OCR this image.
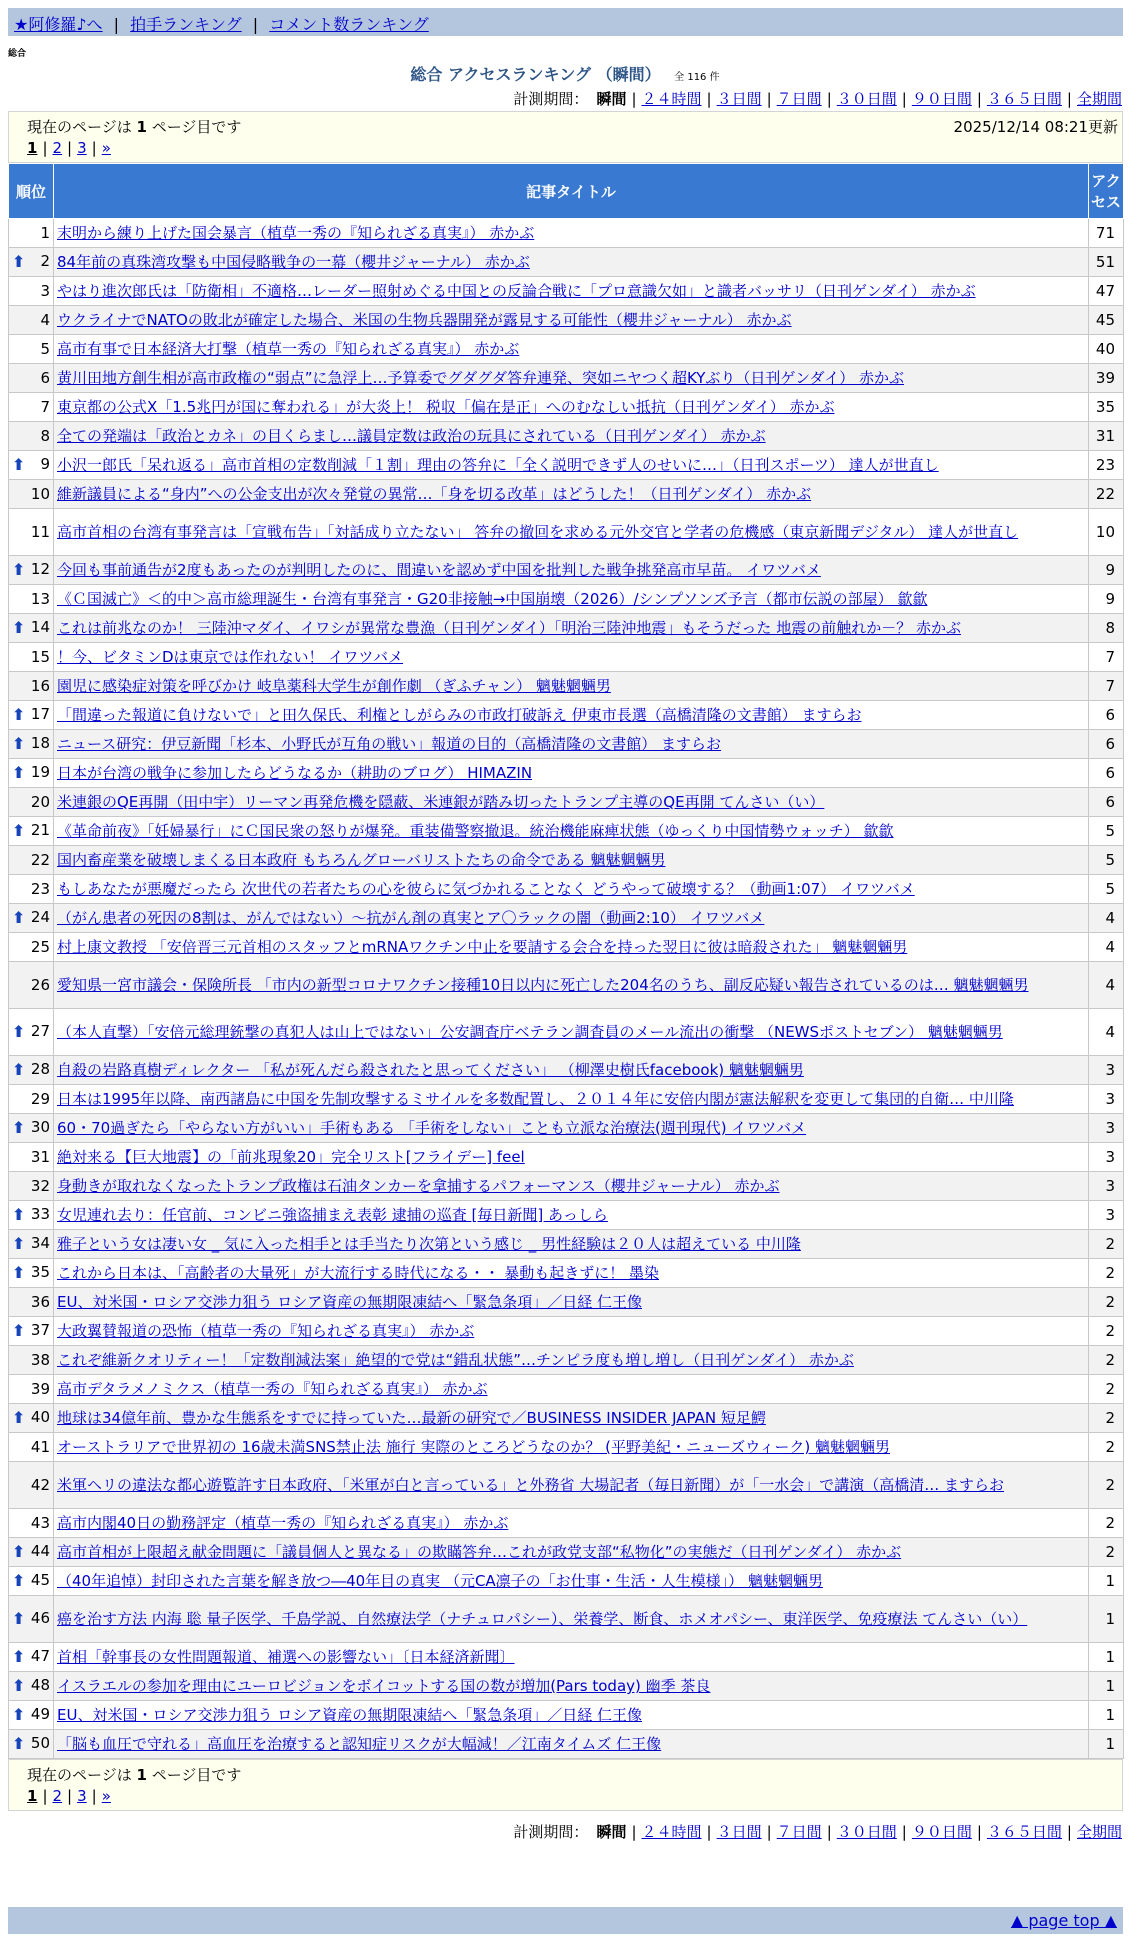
★阿修羅♪へ | 拍手ランキング | コメント数ランキング
総合
総合 アクセスランキング （瞬間） 全 116 件
計測期間： 瞬間 | ２４時間 | ３日間 | ７日間 | ３０日間 | ９０日間 | ３６５日間 | 全期間
現在のページは 1 ページ目です	2025/12/14 08:21更新
1 | 2 | 3 | »
順位	記事タイトル	アクセス
1	末明から練り上げた国会暴言（植草一秀の『知られざる真実』） 赤かぶ	71

⬆ 2	84年前の真珠湾攻撃も中国侵略戦争の一幕（櫻井ジャーナル） 赤かぶ	51
3	やはり進次郎氏は「防衛相」不適格…レーダー照射めぐる中国との反論合戦に「プロ意識欠如」と識者バッサリ（日刊ゲンダイ） 赤かぶ	47
4	ウクライナでNATOの敗北が確定した場合、米国の生物兵器開発が露見する可能性（櫻井ジャーナル） 赤かぶ	45
5	高市有事で日本経済大打撃（植草一秀の『知られざる真実』） 赤かぶ	40
6	黄川田地方創生相が高市政権の“弱点”に急浮上…予算委でグダグダ答弁連発、突如ニヤつく超KYぶり（日刊ゲンダイ） 赤かぶ	39
7	東京都の公式X「1.5兆円が国に奪われる」が大炎上！ 税収「偏在是正」へのむなしい抵抗（日刊ゲンダイ） 赤かぶ	35
8	全ての発端は「政治とカネ」の目くらまし…議員定数は政治の玩具にされている（日刊ゲンダイ） 赤かぶ	31

⬆ 9	小沢一郎氏「呆れ返る」高市首相の定数削減「１割」理由の答弁に「全く説明できず人のせいに…」（日刊スポーツ） 達人が世直し	23
10	維新議員による“身内”への公金支出が次々発覚の異常…「身を切る改革」はどうした！（日刊ゲンダイ） 赤かぶ	22
11	高市首相の台湾有事発言は「宣戦布告」「対話成り立たない」 答弁の撤回を求める元外交官と学者の危機感（東京新聞デジタル） 達人が世直し	10

⬆ 12	今回も事前通告が2度もあったのが判明したのに、間違いを認めず中国を批判した戦争挑発高市早苗。 イワツバメ	9
13	《Ｃ国滅亡》＜的中＞高市総理誕生・台湾有事発言・G20非接触→中国崩壊（2026）/シンプソンズ予言（都市伝説の部屋） 歙歙	9

⬆ 14	これは前兆なのか！ 三陸沖マダイ、イワシが異常な豊漁（日刊ゲンダイ）「明治三陸沖地震」もそうだった 地震の前触れか－？ 赤かぶ	8
15	！今、ビタミンDは東京では作れない！ イワツバメ	7
16	園児に感染症対策を呼びかけ 岐阜薬科大学生が創作劇 （ぎふチャン） 魑魅魍魎男	7

⬆ 17	「間違った報道に負けないで」と田久保氏、利権としがらみの市政打破訴え 伊東市長選（高橋清隆の文書館） ますらお	6

⬆ 18	ニュース研究：伊豆新聞「杉本、小野氏が互角の戦い」報道の目的（高橋清隆の文書館） ますらお	6

⬆ 19	日本が台湾の戦争に参加したらどうなるか（耕助のブログ） HIMAZIN	6
20	米連銀のQE再開（田中宇）リーマン再発危機を隠蔽、米連銀が踏み切ったトランプ主導のQE再開 てんさい（い）	6

⬆ 21	《革命前夜》「妊婦暴行」にＣ国民衆の怒りが爆発。重装備警察撤退。統治機能麻痺状態（ゆっくり中国情勢ウォッチ） 歙歙	5
22	国内畜産業を破壊しまくる日本政府 もちろんグローバリストたちの命令である 魑魅魍魎男	5
23	もしあなたが悪魔だったら 次世代の若者たちの心を彼らに気づかれることなく どうやって破壊する？（動画1:07） イワツバメ	5

⬆ 24	（がん患者の死因の8割は、がんではない）～抗がん剤の真実とア〇ラックの闇（動画2:10） イワツバメ	4
25	村上康文教授 「安倍晋三元首相のスタッフとmRNAワクチン中止を要請する会合を持った翌日に彼は暗殺された」 魑魅魍魎男	4
26	愛知県一宮市議会・保険所長 「市内の新型コロナワクチン接種10日以内に死亡した204名のうち、副反応疑い報告されているのは… 魑魅魍魎男	4

⬆ 27	（本人直撃）「安倍元総理銃撃の真犯人は山上ではない」公安調査庁ベテラン調査員のメール流出の衝撃 （NEWSポストセブン） 魑魅魍魎男	4

⬆ 28	自殺の岩路真樹ディレクター 「私が死んだら殺されたと思ってください」 （柳澤史樹氏facebook) 魑魅魍魎男	3
29	日本は1995年以降、南西諸島に中国を先制攻撃するミサイルを多数配置し、２０１４年に安倍内閣が憲法解釈を変更して集団的自衛… 中川隆	3

⬆ 30	60・70過ぎたら「やらない方がいい」手術もある 「手術をしない」ことも立派な治療法(週刊現代) イワツバメ	3
31	絶対来る【巨大地震】の「前兆現象20」完全リスト[フライデー] feel	3
32	身動きが取れなくなったトランプ政権は石油タンカーを拿捕するパフォーマンス（櫻井ジャーナル） 赤かぶ	3

⬆ 33	女児連れ去り：任官前、コンビニ強盗捕まえ表彰 逮捕の巡査 [毎日新聞] あっしら	3

⬆ 34	雅子という女は凄い女 _ 気に入った相手とは手当たり次第という感じ _ 男性経験は２０人は超えている 中川隆	2

⬆ 35	これから日本は、「高齢者の大量死」が大流行する時代になる・・ 暴動も起きずに！ 墨染	2
36	EU、対米国・ロシア交渉力狙う ロシア資産の無期限凍結へ「緊急条項」／日経 仁王像	2

⬆ 37	大政翼賛報道の恐怖（植草一秀の『知られざる真実』） 赤かぶ	2
38	これぞ維新クオリティー！「定数削減法案」絶望的で党は“錯乱状態”…チンピラ度も増し増し（日刊ゲンダイ） 赤かぶ	2
39	高市デタラメノミクス（植草一秀の『知られざる真実』） 赤かぶ	2

⬆ 40	地球は34億年前、豊かな生態系をすでに持っていた…最新の研究で／BUSINESS INSIDER JAPAN 短足鰐	2
41	オーストラリアで世界初の 16歳未満SNS禁止法 施行 実際のところどうなのか？ (平野美紀・ニューズウィーク) 魑魅魍魎男	2
42	米軍ヘリの違法な都心遊覧許す日本政府、「米軍が白と言っている」と外務省 大場記者（毎日新聞）が「一水会」で講演（高橋清… ますらお	2
43	高市内閣40日の勤務評定（植草一秀の『知られざる真実』） 赤かぶ	2

⬆ 44	高市首相が上限超え献金問題に「議員個人と異なる」の欺瞞答弁…これが政党支部“私物化”の実態だ（日刊ゲンダイ） 赤かぶ	2

⬆ 45	（40年追悼）封印された言葉を解き放つ―40年目の真実 （元CA凛子の「お仕事・生活・人生模様」） 魑魅魍魎男	1

⬆ 46	癌を治す方法 内海 聡 量子医学、千島学説、自然療法学（ナチュロパシー）、栄養学、断食、ホメオパシー、東洋医学、免疫療法 てんさい（い）	1

⬆ 47	首相「幹事長の女性問題報道、補選への影響ない」〔日本経済新聞〕	1

⬆ 48	イスラエルの参加を理由にユーロビジョンをボイコットする国の数が増加(Pars today) 幽季 茶良	1

⬆ 49	EU、対米国・ロシア交渉力狙う ロシア資産の無期限凍結へ「緊急条項」／日経 仁王像	1

⬆ 50	「脳も血圧で守れる」高血圧を治療すると認知症リスクが大幅減！／江南タイムズ 仁王像	1
現在のページは 1 ページ目です
1 | 2 | 3 | »
計測期間： 瞬間 | ２４時間 | ３日間 | ７日間 | ３０日間 | ９０日間 | ３６５日間 | 全期間
▲ page top ▲
